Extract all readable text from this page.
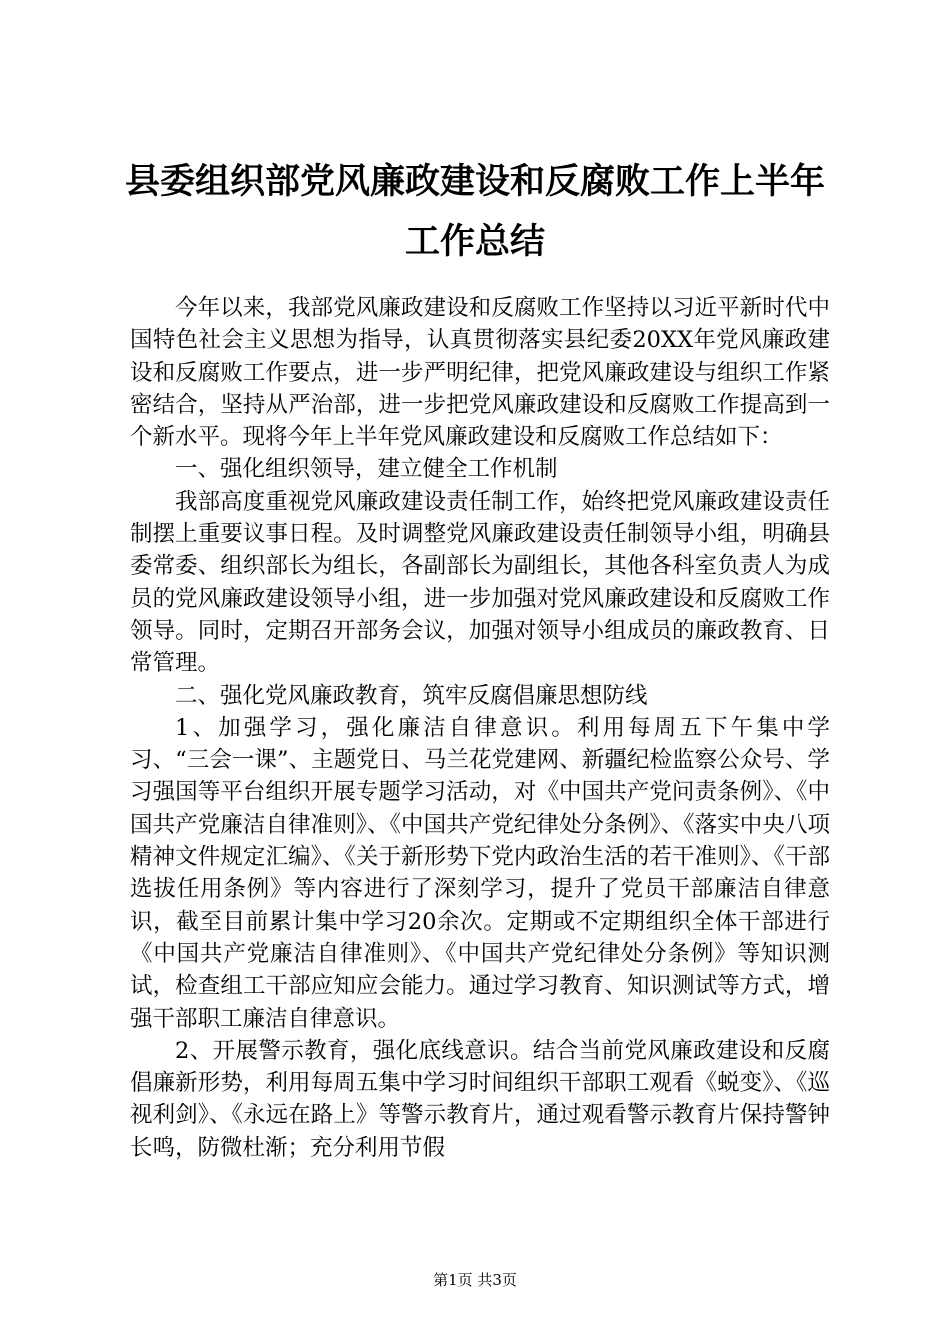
县委组织部党风廉政建设和反腐败工作上半年
工作总结

今年以来，我部党风廉政建设和反腐败工作坚持以习近平新时代中国特色社会主义思想为指导，认真贯彻落实县纪委20XX年党风廉政建设和反腐败工作要点，进一步严明纪律，把党风廉政建设与组织工作紧密结合，坚持从严治部，进一步把党风廉政建设和反腐败工作提高到一个新水平。现将今年上半年党风廉政建设和反腐败工作总结如下：

一、强化组织领导，建立健全工作机制

我部高度重视党风廉政建设责任制工作，始终把党风廉政建设责任制摆上重要议事日程。及时调整党风廉政建设责任制领导小组，明确县委常委、组织部长为组长，各副部长为副组长，其他各科室负责人为成员的党风廉政建设领导小组，进一步加强对党风廉政建设和反腐败工作领导。同时，定期召开部务会议，加强对领导小组成员的廉政教育、日常管理。

二、强化党风廉政教育，筑牢反腐倡廉思想防线

1、加强学习，强化廉洁自律意识。利用每周五下午集中学习、“三会一课”、主题党日、马兰花党建网、新疆纪检监察公众号、学习强国等平台组织开展专题学习活动，对《中国共产党问责条例》、《中国共产党廉洁自律准则》、《中国共产党纪律处分条例》、《落实中央八项精神文件规定汇编》、《关于新形势下党内政治生活的若干准则》、《干部选拔任用条例》等内容进行了深刻学习，提升了党员干部廉洁自律意识，截至目前累计集中学习20余次。定期或不定期组织全体干部进行《中国共产党廉洁自律准则》、《中国共产党纪律处分条例》等知识测试，检查组工干部应知应会能力。通过学习教育、知识测试等方式，增强干部职工廉洁自律意识。

2、开展警示教育，强化底线意识。结合当前党风廉政建设和反腐倡廉新形势，利用每周五集中学习时间组织干部职工观看《蜕变》、《巡视利剑》、《永远在路上》等警示教育片，通过观看警示教育片保持警钟长鸣，防微杜渐；充分利用节假

第1页 共3页
